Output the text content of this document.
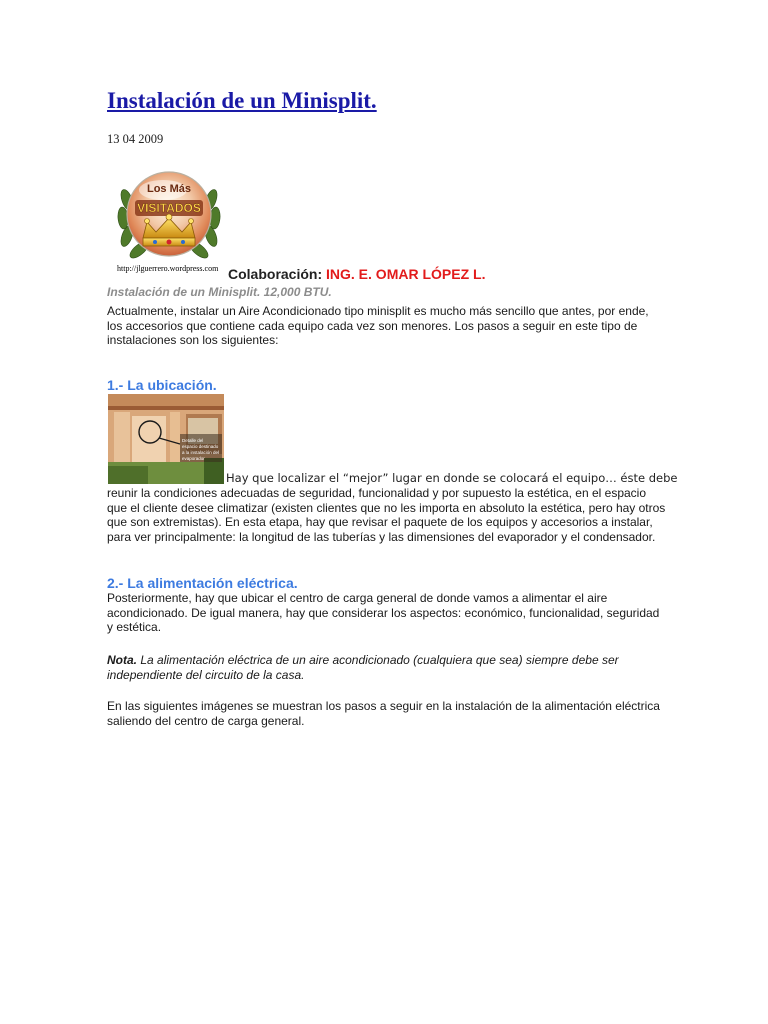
Instalación de un Minisplit.
13 04 2009
Los Más
VISITADOS
http://jlguerrero.wordpress.com Colaboración: ING. E. OMAR LÓPEZ L.
Instalación de un Minisplit. 12,000 BTU.

Actualmente, instalar un Aire Acondicionado tipo minisplit es mucho más sencillo que antes, por ende, los accesorios que contiene cada equipo cada vez son menores. Los pasos a seguir en este tipo de instalaciones son los siguientes:

1.- La ubicación.
Detalle del
espacio destinado
a la instalación del
evaporador
Hay que localizar el “mejor” lugar en donde se colocará el equipo… éste debe

reunir la condiciones adecuadas de seguridad, funcionalidad y por supuesto la estética, en el espacio que el cliente desee climatizar (existen clientes que no les importa en absoluto la estética, pero hay otros que son extremistas). En esta etapa, hay que revisar el paquete de los equipos y accesorios a instalar, para ver principalmente: la longitud de las tuberías y las dimensiones del evaporador y el condensador.

2.- La alimentación eléctrica.

Posteriormente, hay que ubicar el centro de carga general de donde vamos a alimentar el aire acondicionado. De igual manera, hay que considerar los aspectos: económico, funcionalidad, seguridad y estética.

Nota. La alimentación eléctrica de un aire acondicionado (cualquiera que sea) siempre debe ser independiente del circuito de la casa.

En las siguientes imágenes se muestran los pasos a seguir en la instalación de la alimentación eléctrica saliendo del centro de carga general.
